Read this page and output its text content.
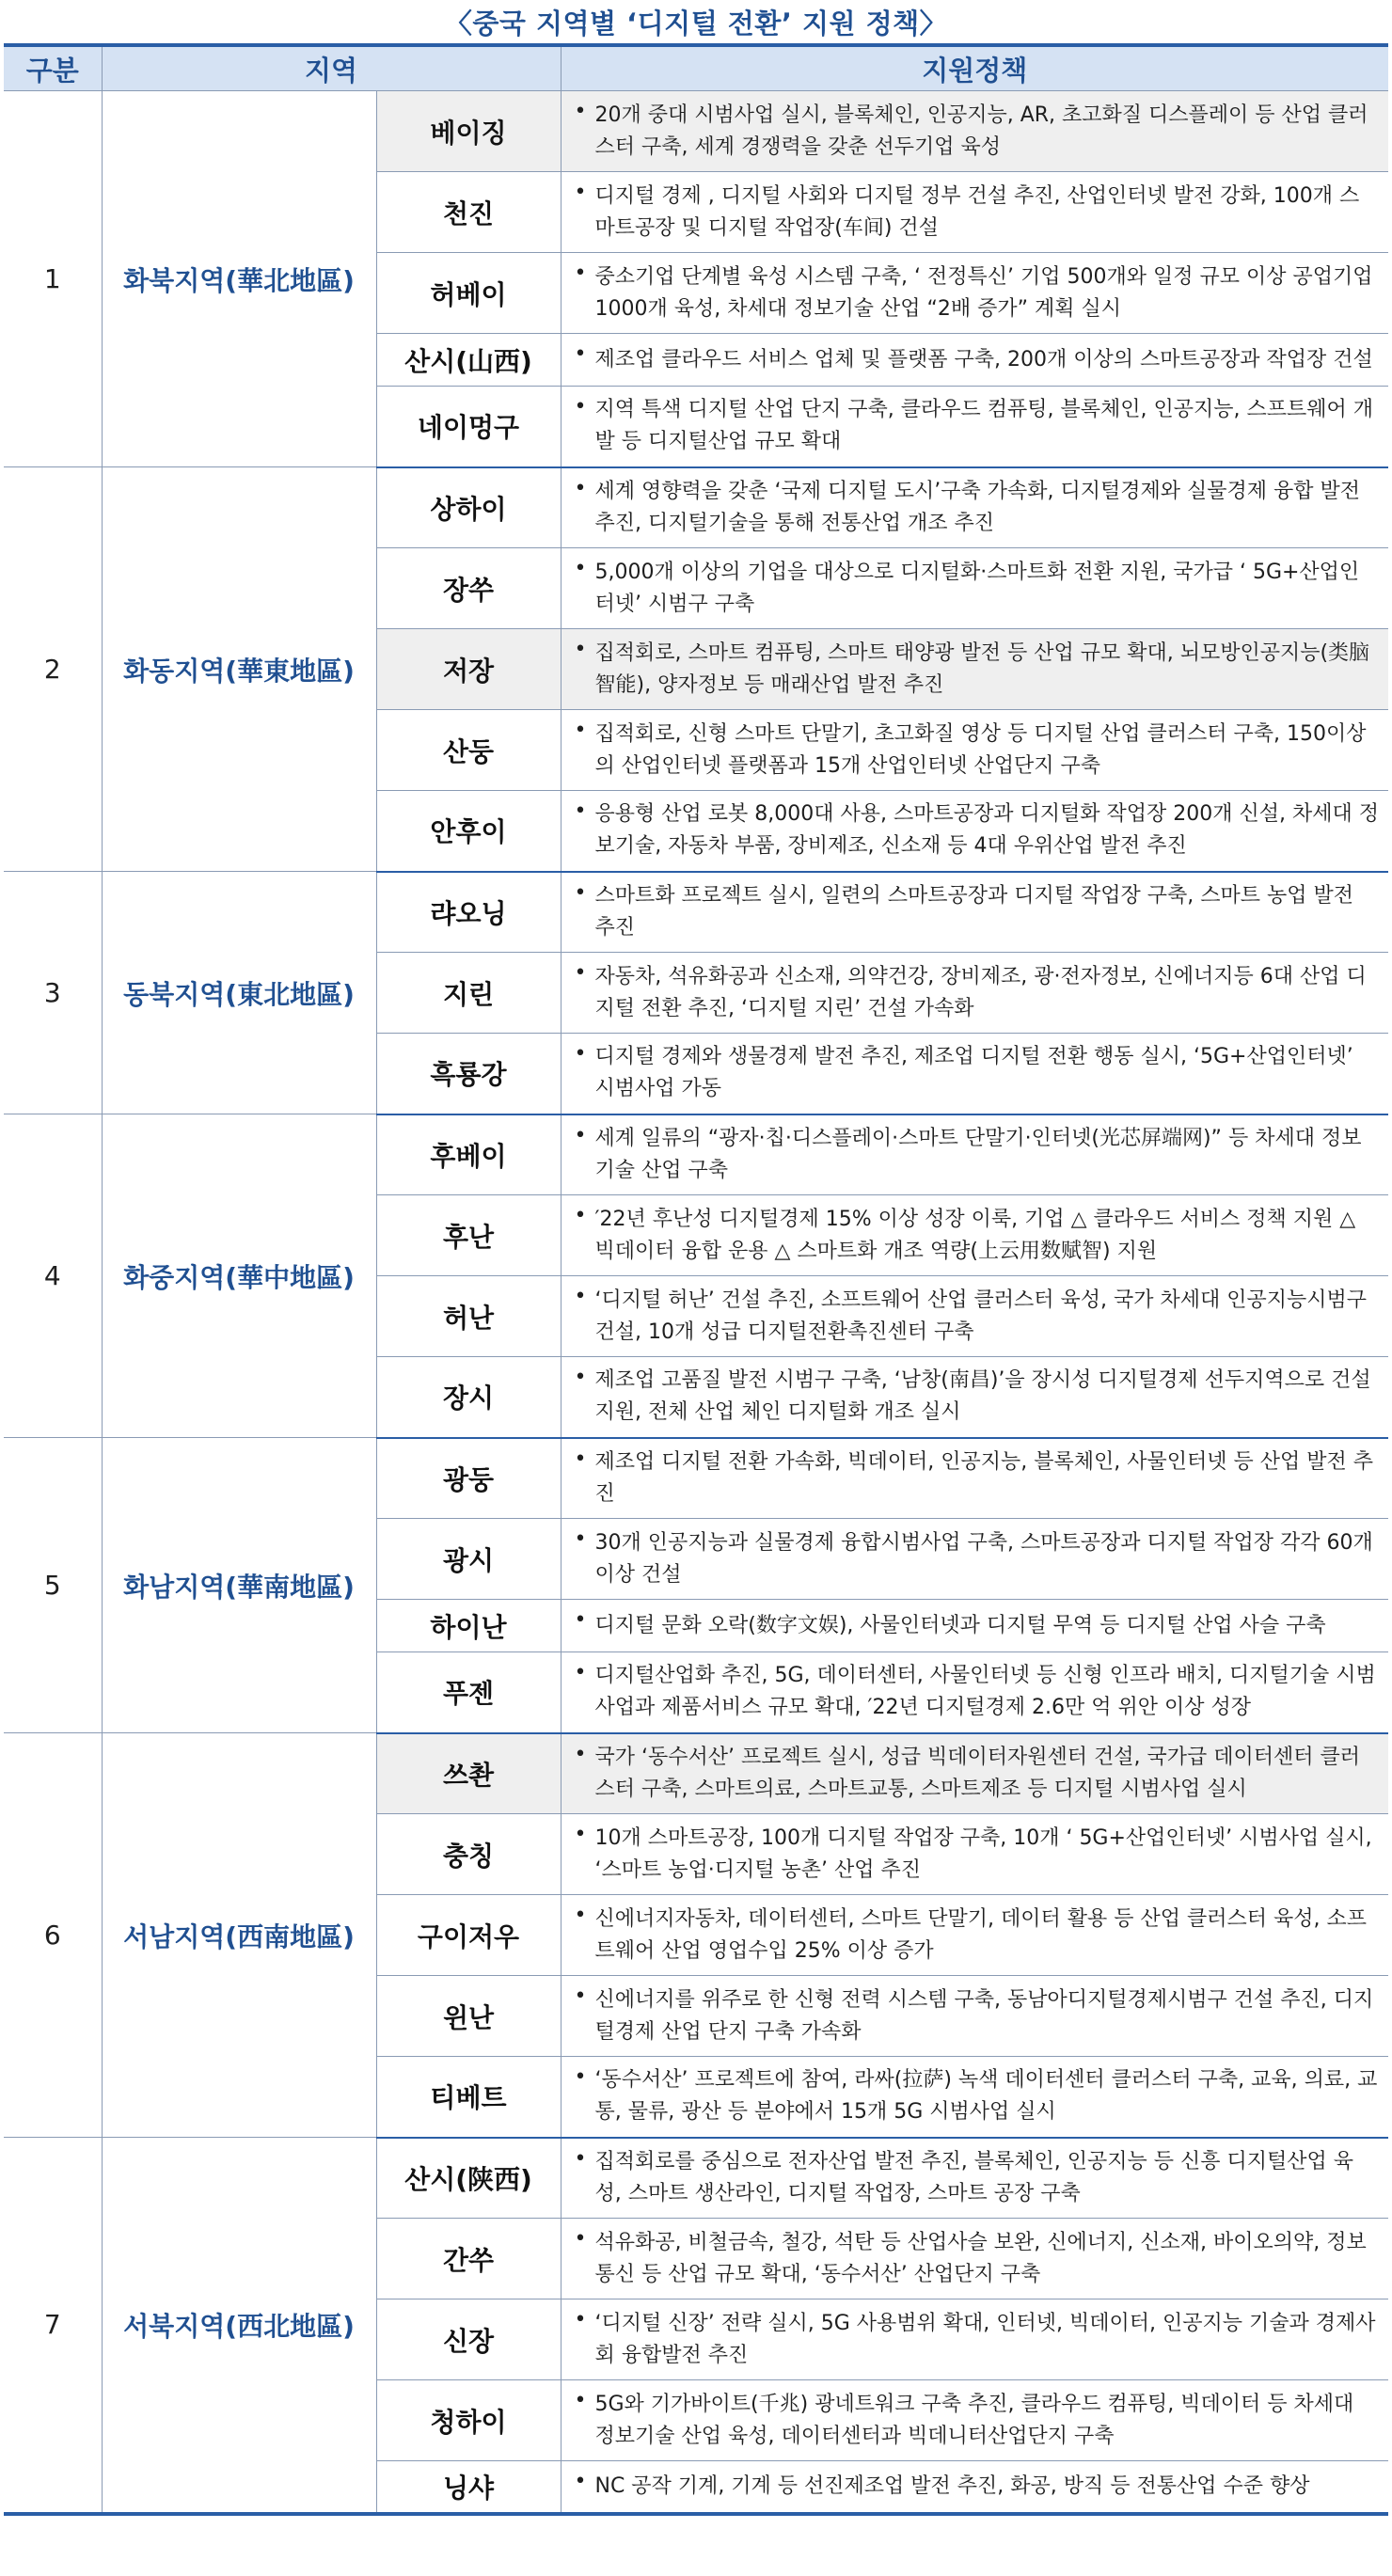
〈중국 지역별 ‘디지털 전환’ 지원 정책〉
구분	지역		지원정책
1	화북지역(華北地區)	베이징	• 20개 중대 시범사업 실시, 블록체인, 인공지능, AR, 초고화질 디스플레이 등 산업 클러스터 구축, 세계 경쟁력을 갖춘 선두기업 육성
		천진	• 디지털 경제 , 디지털 사회와 디지털 정부 건설 추진, 산업인터넷 발전 강화, 100개 스마트공장 및 디지털 작업장(车间) 건설
		허베이	• 중소기업 단계별 육성 시스템 구축, ‘ 전정특신’ 기업 500개와 일정 규모 이상 공업기업 1000개 육성, 차세대 정보기술 산업 “2배 증가” 계획 실시
		산시(山西)	• 제조업 클라우드 서비스 업체 및 플랫폼 구축, 200개 이상의 스마트공장과 작업장 건설
		네이멍구	• 지역 특색 디지털 산업 단지 구축, 클라우드 컴퓨팅, 블록체인, 인공지능, 스프트웨어 개발 등 디지털산업 규모 확대
2	화동지역(華東地區)	상하이	• 세계 영향력을 갖춘 ‘국제 디지털 도시’구축 가속화, 디지털경제와 실물경제 융합 발전 추진, 디지털기술을 통해 전통산업 개조 추진
		장쑤	• 5,000개 이상의 기업을 대상으로 디지털화·스마트화 전환 지원, 국가급 ‘ 5G+산업인터넷’ 시범구 구축
		저장	• 집적회로, 스마트 컴퓨팅, 스마트 태양광 발전 등 산업 규모 확대, 뇌모방인공지능(类脑智能), 양자정보 등 매래산업 발전 추진
		산둥	• 집적회로, 신형 스마트 단말기, 초고화질 영상 등 디지털 산업 클러스터 구축, 150이상의 산업인터넷 플랫폼과 15개 산업인터넷 산업단지 구축
		안후이	• 응용형 산업 로봇 8,000대 사용, 스마트공장과 디지털화 작업장 200개 신설, 차세대 정보기술, 자동차 부품, 장비제조, 신소재 등 4대 우위산업 발전 추진
3	동북지역(東北地區)	랴오닝	• 스마트화 프로젝트 실시, 일련의 스마트공장과 디지털 작업장 구축, 스마트 농업 발전 추진
		지린	• 자동차, 석유화공과 신소재, 의약건강, 장비제조, 광·전자정보, 신에너지등 6대 산업 디지털 전환 추진, ‘디지털 지린’ 건설 가속화
		흑룡강	• 디지털 경제와 생물경제 발전 추진, 제조업 디지털 전환 행동 실시, ‘5G+산업인터넷’ 시범사업 가동
4	화중지역(華中地區)	후베이	• 세계 일류의 “광자·칩·디스플레이·스마트 단말기·인터넷(光芯屏端网)” 등 차세대 정보기술 산업 구축
		후난	• ′22년 후난성 디지털경제 15% 이상 성장 이룩, 기업 △ 클라우드 서비스 정책 지원 △ 빅데이터 융합 운용 △ 스마트화 개조 역량(上云用数赋智) 지원
		허난	• ‘디지털 허난’ 건설 추진, 소프트웨어 산업 클러스터 육성, 국가 차세대 인공지능시범구 건설, 10개 성급 디지털전환촉진센터 구축
		장시	• 제조업 고품질 발전 시범구 구축, ‘남창(南昌)’을 장시성 디지털경제 선두지역으로 건설 지원, 전체 산업 체인 디지털화 개조 실시
5	화남지역(華南地區)	광둥	• 제조업 디지털 전환 가속화, 빅데이터, 인공지능, 블록체인, 사물인터넷 등 산업 발전 추진
		광시	• 30개 인공지능과 실물경제 융합시범사업 구축, 스마트공장과 디지털 작업장 각각 60개 이상 건설
		하이난	• 디지털 문화 오락(数字文娱), 사물인터넷과 디지털 무역 등 디지털 산업 사슬 구축
		푸젠	• 디지털산업화 추진, 5G, 데이터센터, 사물인터넷 등 신형 인프라 배치, 디지털기술 시범사업과 제품서비스 규모 확대, ′22년 디지털경제 2.6만 억 위안 이상 성장
6	서남지역(西南地區)	쓰촨	• 국가 ‘동수서산’ 프로젝트 실시, 성급 빅데이터자원센터 건설, 국가급 데이터센터 클러스터 구축, 스마트의료, 스마트교통, 스마트제조 등 디지털 시범사업 실시
		충칭	• 10개 스마트공장, 100개 디지털 작업장 구축, 10개 ‘ 5G+산업인터넷’ 시범사업 실시, ‘스마트 농업·디지털 농촌’ 산업 추진
		구이저우	• 신에너지자동차, 데이터센터, 스마트 단말기, 데이터 활용 등 산업 클러스터 육성, 소프트웨어 산업 영업수입 25% 이상 증가
		윈난	• 신에너지를 위주로 한 신형 전력 시스템 구축, 동남아디지털경제시범구 건설 추진, 디지털경제 산업 단지 구축 가속화
		티베트	• ‘동수서산’ 프로젝트에 참여, 라싸(拉萨) 녹색 데이터센터 클러스터 구축, 교육, 의료, 교통, 물류, 광산 등 분야에서 15개 5G 시범사업 실시
7	서북지역(西北地區)	산시(陕西)	• 집적회로를 중심으로 전자산업 발전 추진, 블록체인, 인공지능 등 신흥 디지털산업 육성, 스마트 생산라인, 디지털 작업장, 스마트 공장 구축
		간쑤	• 석유화공, 비철금속, 철강, 석탄 등 산업사슬 보완, 신에너지, 신소재, 바이오의약, 정보통신 등 산업 규모 확대, ‘동수서산’ 산업단지 구축
		신장	• ‘디지털 신장’ 전략 실시, 5G 사용범위 확대, 인터넷, 빅데이터, 인공지능 기술과 경제사회 융합발전 추진
		청하이	• 5G와 기가바이트(千兆) 광네트워크 구축 추진, 클라우드 컴퓨팅, 빅데이터 등 차세대 정보기술 산업 육성, 데이터센터과 빅데니터산업단지 구축
		닝샤	• NC 공작 기계, 기계 등 선진제조업 발전 추진, 화공, 방직 등 전통산업 수준 향상
